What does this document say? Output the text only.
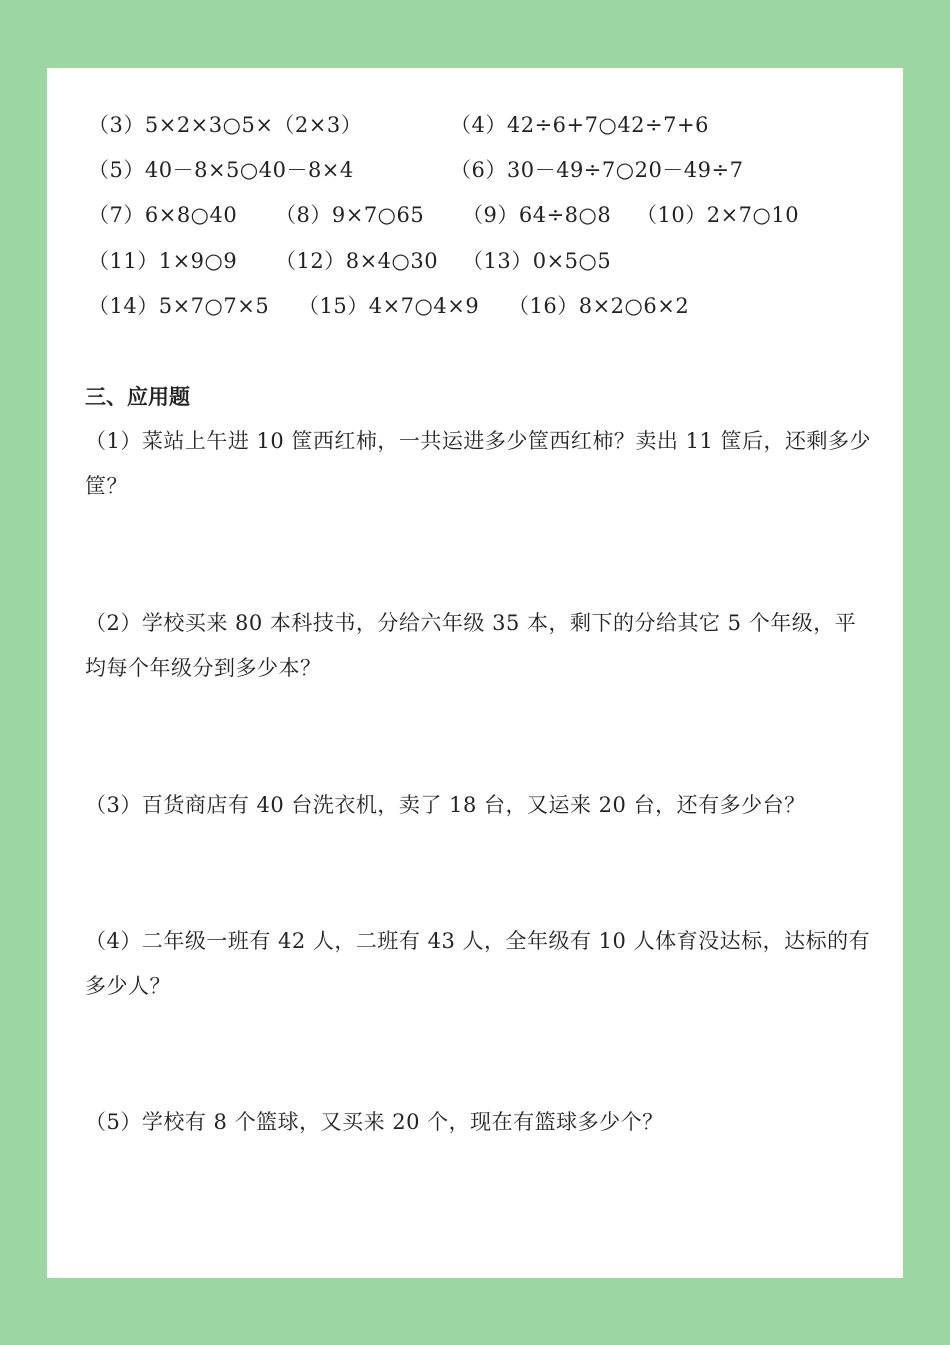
（3）5×2×3○5×（2×3）	（4）42÷6+7○42÷7+6
（5）40－8×5○40－8×4	（6）30－49÷7○20－49÷7
（7）6×8○40 （8）9×7○65 （9）64÷8○8 （10）2×7○10
（11）1×9○9 （12）8×4○30 （13）0×5○5
（14）5×7○7×5 （15）4×7○4×9 （16）8×2○6×2
三、应用题
（1）菜站上午进 10 筐西红柿，一共运进多少筐西红柿？卖出 11 筐后，还剩多少筐？
（2）学校买来 80 本科技书，分给六年级 35 本，剩下的分给其它 5 个年级，平均每个年级分到多少本？
（3）百货商店有 40 台洗衣机，卖了 18 台，又运来 20 台，还有多少台？
（4）二年级一班有 42 人，二班有 43 人，全年级有 10 人体育没达标，达标的有多少人？
（5）学校有 8 个篮球，又买来 20 个，现在有篮球多少个？
